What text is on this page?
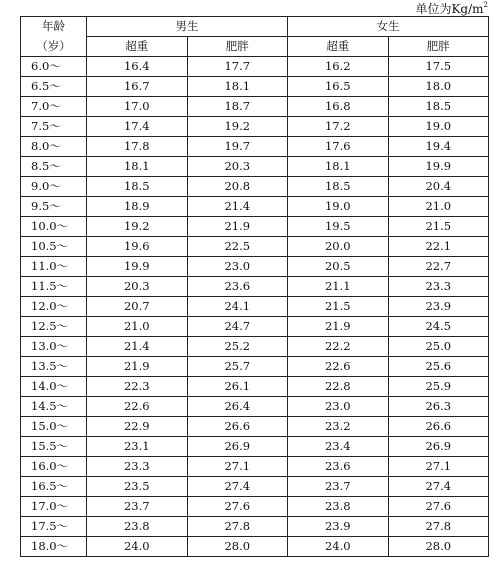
单位为$Kg/m^2$
年龄	男生		女生	
（岁）	超重	肥胖	超重	肥胖
6.0～	16.4	17.7	16.2	17.5
6.5～	16.7	18.1	16.5	18.0
7.0～	17.0	18.7	16.8	18.5
7.5～	17.4	19.2	17.2	19.0
8.0～	17.8	19.7	17.6	19.4
8.5～	18.1	20.3	18.1	19.9
9.0～	18.5	20.8	18.5	20.4
9.5～	18.9	21.4	19.0	21.0
10.0～	19.2	21.9	19.5	21.5
10.5～	19.6	22.5	20.0	22.1
11.0～	19.9	23.0	20.5	22.7
11.5～	20.3	23.6	21.1	23.3
12.0～	20.7	24.1	21.5	23.9
12.5～	21.0	24.7	21.9	24.5
13.0～	21.4	25.2	22.2	25.0
13.5～	21.9	25.7	22.6	25.6
14.0～	22.3	26.1	22.8	25.9
14.5～	22.6	26.4	23.0	26.3
15.0～	22.9	26.6	23.2	26.6
15.5～	23.1	26.9	23.4	26.9
16.0～	23.3	27.1	23.6	27.1
16.5～	23.5	27.4	23.7	27.4
17.0～	23.7	27.6	23.8	27.6
17.5～	23.8	27.8	23.9	27.8
18.0～	24.0	28.0	24.0	28.0
